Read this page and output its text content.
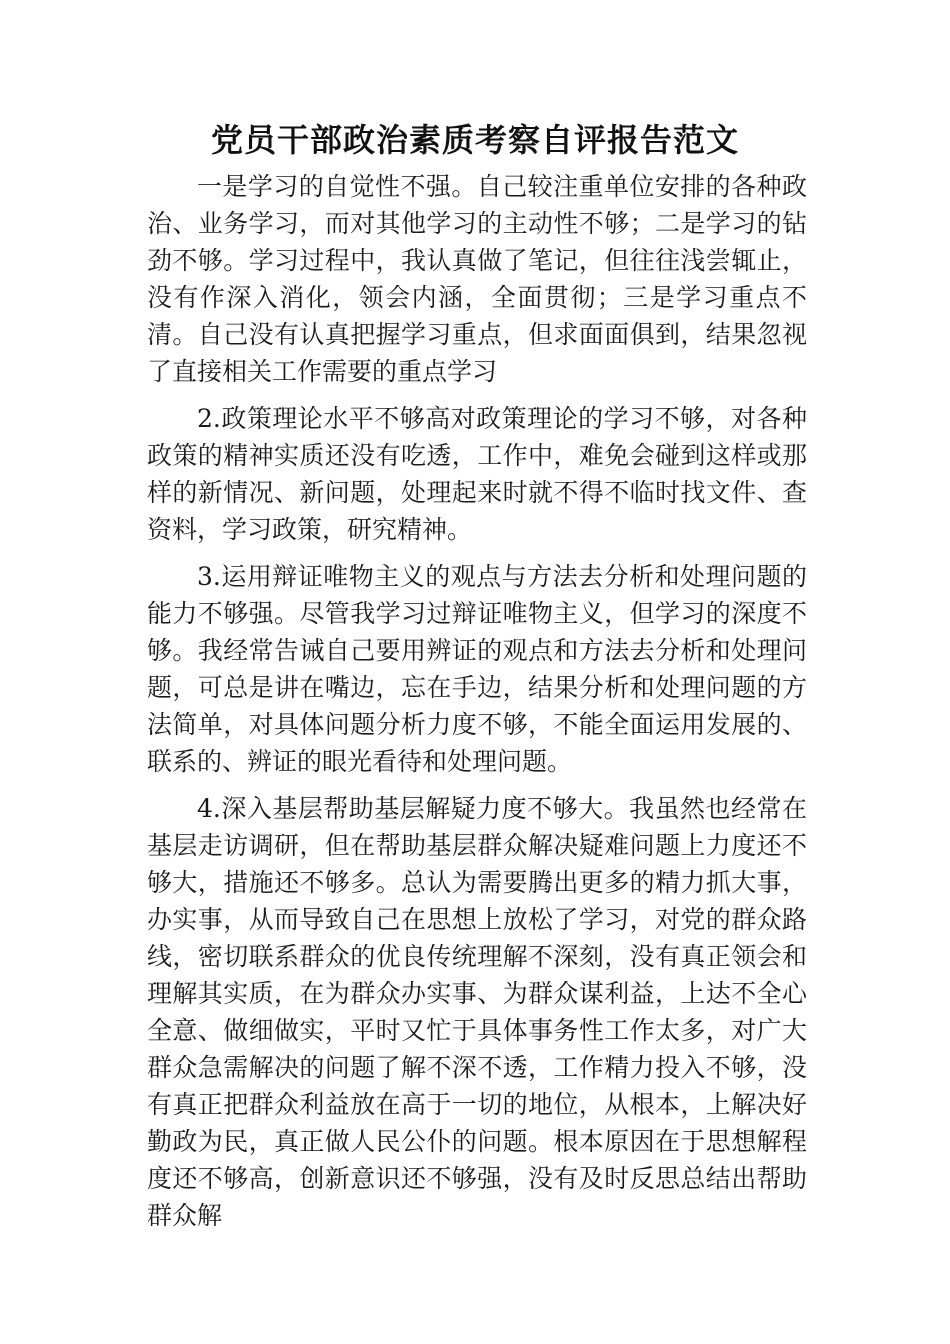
党员干部政治素质考察自评报告范文

一是学习的自觉性不强。自己较注重单位安排的各种政治、业务学习，而对其他学习的主动性不够；二是学习的钻劲不够。学习过程中，我认真做了笔记，但往往浅尝辄止，没有作深入消化，领会内涵，全面贯彻；三是学习重点不清。自己没有认真把握学习重点，但求面面俱到，结果忽视了直接相关工作需要的重点学习

2.政策理论水平不够高对政策理论的学习不够，对各种政策的精神实质还没有吃透，工作中，难免会碰到这样或那样的新情况、新问题，处理起来时就不得不临时找文件、查资料，学习政策，研究精神。

3.运用辩证唯物主义的观点与方法去分析和处理问题的能力不够强。尽管我学习过辩证唯物主义，但学习的深度不够。我经常告诫自己要用辨证的观点和方法去分析和处理问题，可总是讲在嘴边，忘在手边，结果分析和处理问题的方法简单，对具体问题分析力度不够，不能全面运用发展的、联系的、辨证的眼光看待和处理问题。

4.深入基层帮助基层解疑力度不够大。我虽然也经常在基层走访调研，但在帮助基层群众解决疑难问题上力度还不够大，措施还不够多。总认为需要腾出更多的精力抓大事，办实事，从而导致自己在思想上放松了学习，对党的群众路线，密切联系群众的优良传统理解不深刻，没有真正领会和理解其实质，在为群众办实事、为群众谋利益，上达不全心全意、做细做实，平时又忙于具体事务性工作太多，对广大群众急需解决的问题了解不深不透，工作精力投入不够，没有真正把群众利益放在高于一切的地位，从根本，上解决好勤政为民，真正做人民公仆的问题。根本原因在于思想解程度还不够高，创新意识还不够强，没有及时反思总结出帮助群众解
